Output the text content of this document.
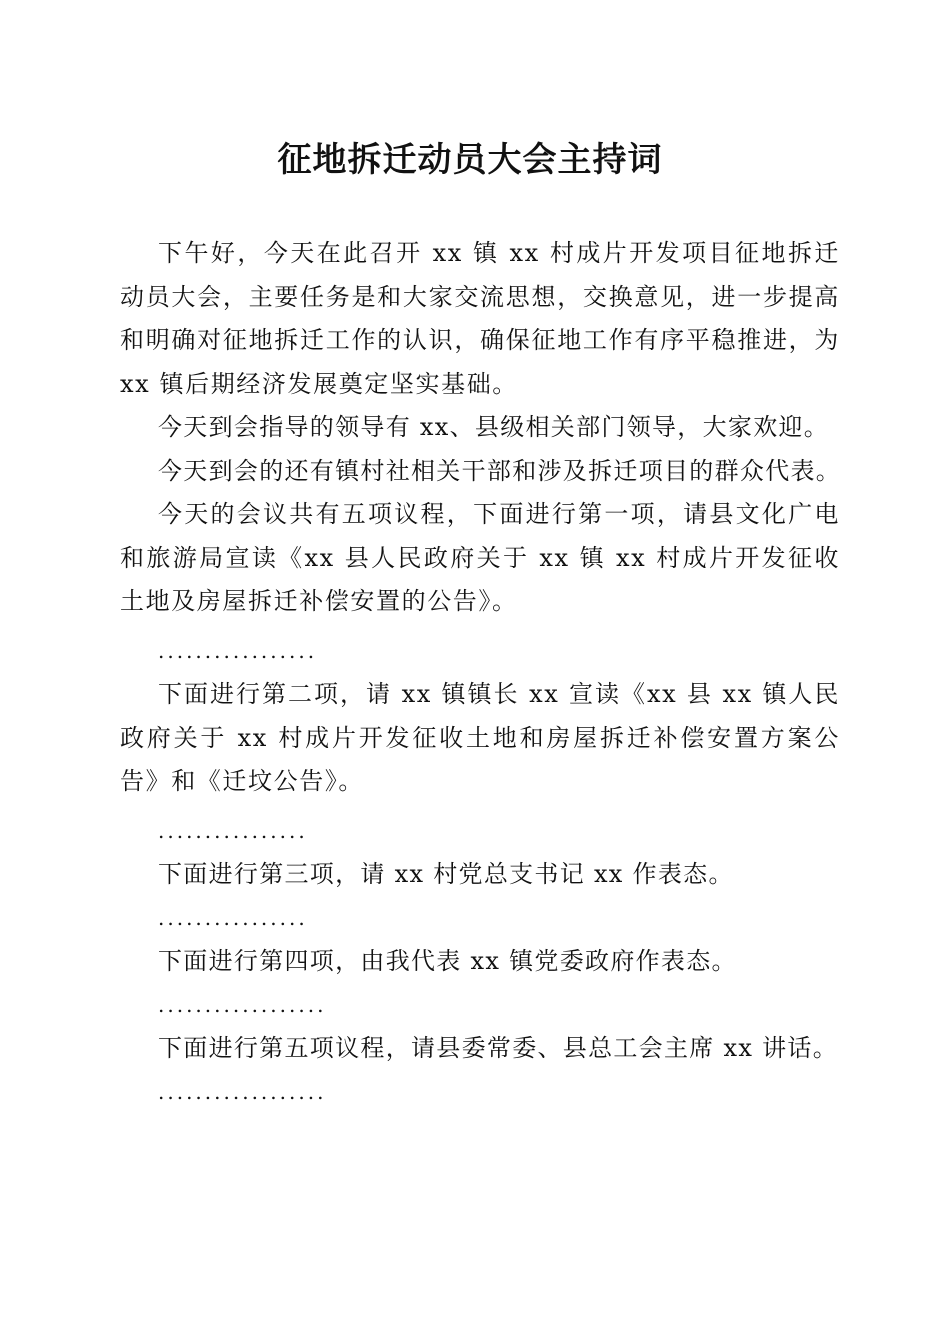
征地拆迁动员大会主持词

下午好，今天在此召开 xx 镇 xx 村成片开发项目征地拆迁动员大会，主要任务是和大家交流思想，交换意见，进一步提高和明确对征地拆迁工作的认识，确保征地工作有序平稳推进，为 xx 镇后期经济发展奠定坚实基础。

今天到会指导的领导有 xx、县级相关部门领导，大家欢迎。

今天到会的还有镇村社相关干部和涉及拆迁项目的群众代表。

今天的会议共有五项议程，下面进行第一项，请县文化广电和旅游局宣读《xx 县人民政府关于 xx 镇 xx 村成片开发征收土地及房屋拆迁补偿安置的公告》。

.................

下面进行第二项，请 xx 镇镇长 xx 宣读《xx 县 xx 镇人民政府关于 xx 村成片开发征收土地和房屋拆迁补偿安置方案公告》和《迁坟公告》。

................

下面进行第三项，请 xx 村党总支书记 xx 作表态。

................

下面进行第四项，由我代表 xx 镇党委政府作表态。

..................

下面进行第五项议程，请县委常委、县总工会主席 xx 讲话。

..................
